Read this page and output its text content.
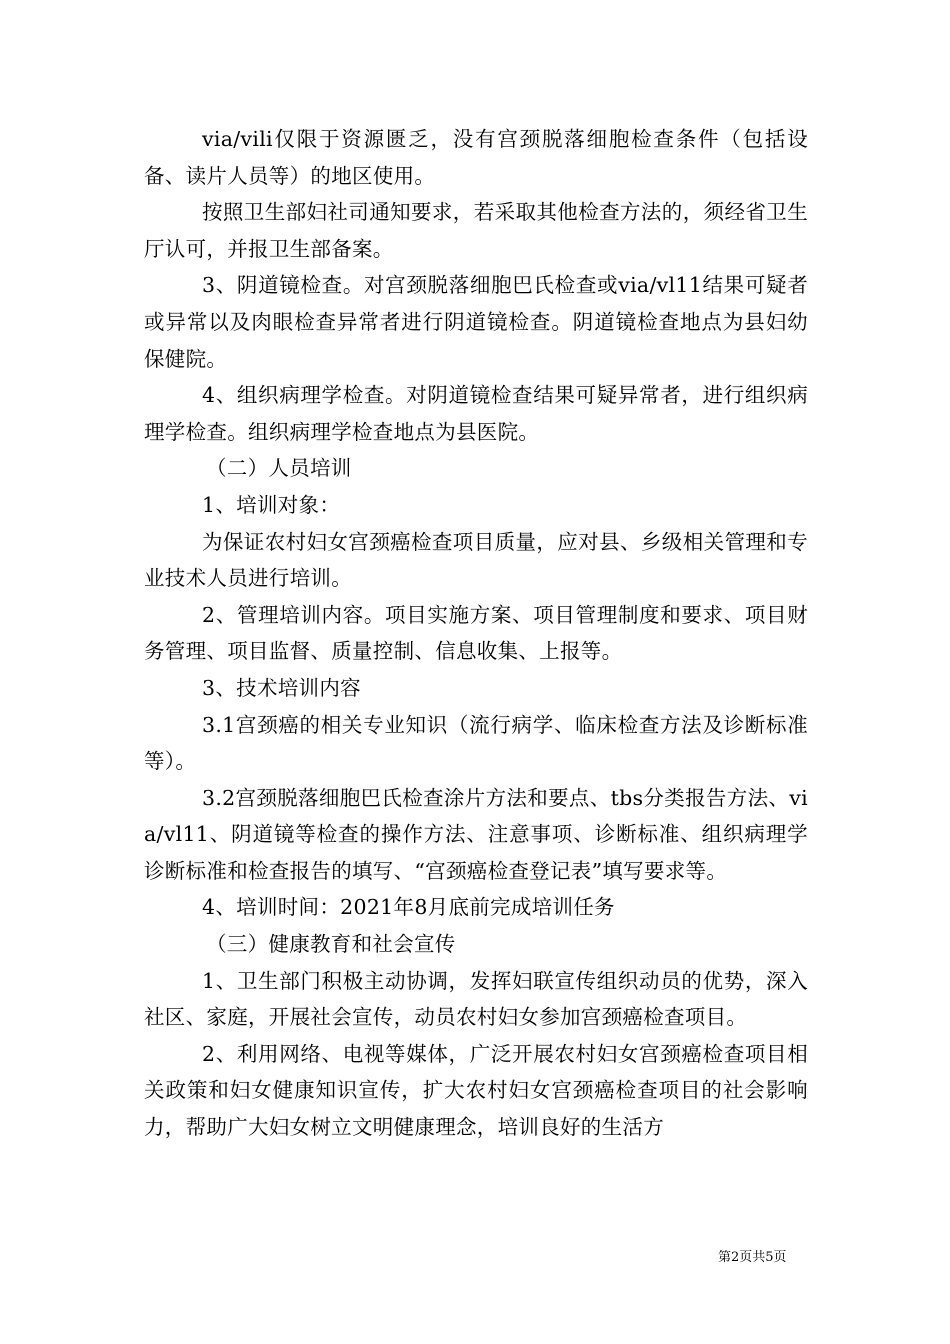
via/vili仅限于资源匮乏，没有宫颈脱落细胞检查条件（包括设备、读片人员等）的地区使用。

按照卫生部妇社司通知要求，若采取其他检查方法的，须经省卫生厅认可，并报卫生部备案。

3、阴道镜检查。对宫颈脱落细胞巴氏检查或via/vl11结果可疑者或异常以及肉眼检查异常者进行阴道镜检查。阴道镜检查地点为县妇幼保健院。

4、组织病理学检查。对阴道镜检查结果可疑异常者，进行组织病理学检查。组织病理学检查地点为县医院。

（二）人员培训

1、培训对象：

为保证农村妇女宫颈癌检查项目质量，应对县、乡级相关管理和专业技术人员进行培训。

2、管理培训内容。项目实施方案、项目管理制度和要求、项目财务管理、项目监督、质量控制、信息收集、上报等。

3、技术培训内容

3.1宫颈癌的相关专业知识（流行病学、临床检查方法及诊断标准等）。

3.2宫颈脱落细胞巴氏检查涂片方法和要点、tbs分类报告方法、via/vl11、阴道镜等检查的操作方法、注意事项、诊断标准、组织病理学诊断标准和检查报告的填写、“宫颈癌检查登记表”填写要求等。

4、培训时间：2021年8月底前完成培训任务

（三）健康教育和社会宣传

1、卫生部门积极主动协调，发挥妇联宣传组织动员的优势，深入社区、家庭，开展社会宣传，动员农村妇女参加宫颈癌检查项目。

2、利用网络、电视等媒体，广泛开展农村妇女宫颈癌检查项目相关政策和妇女健康知识宣传，扩大农村妇女宫颈癌检查项目的社会影响力，帮助广大妇女树立文明健康理念，培训良好的生活方

第2页共5页
